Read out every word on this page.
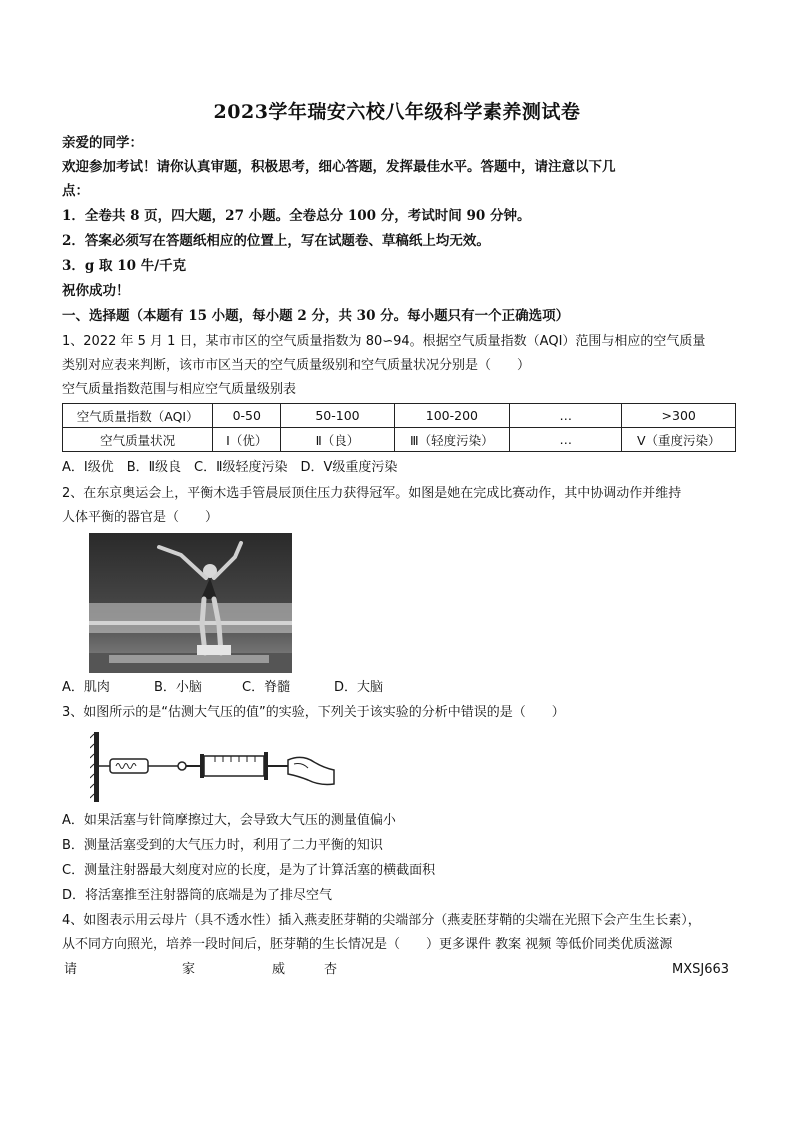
2023学年瑞安六校八年级科学素养测试卷
亲爱的同学：
欢迎参加考试！请你认真审题，积极思考，细心答题，发挥最佳水平。答题中，请注意以下几
点：
1．全卷共 8 页，四大题，27 小题。全卷总分 100 分，考试时间 90 分钟。
2．答案必须写在答题纸相应的位置上，写在试题卷、草稿纸上均无效。
3．g 取 10 牛/千克
祝你成功！
一、选择题（本题有 15 小题，每小题 2 分，共 30 分。每小题只有一个正确选项）
1、2022 年 5 月 1 日，某市市区的空气质量指数为 80∽94。根据空气质量指数（AQI）范围与相应的空气质量
类别对应表来判断，该市市区当天的空气质量级别和空气质量状况分别是（　　）
空气质量指数范围与相应空气质量级别表
空气质量指数（AQI）	0-50	50-100	100-200	…	>300
空气质量状况	Ⅰ（优）	Ⅱ（良）	Ⅲ（轻度污染）	…	Ⅴ（重度污染）
A．Ⅰ级优　B．Ⅱ级良　C．Ⅱ级轻度污染　D．Ⅴ级重度污染
2、在东京奥运会上，平衡木选手管晨辰顶住压力获得冠军。如图是她在完成比赛动作，其中协调动作并维持
人体平衡的器官是（　　）
A．肌肉	B．小脑	C．脊髓	D．大脑
3、如图所示的是“估测大气压的值”的实验，下列关于该实验的分析中错误的是（　　）
A．如果活塞与针筒摩擦过大，会导致大气压的测量值偏小
B．测量活塞受到的大气压力时，利用了二力平衡的知识
C．测量注射器最大刻度对应的长度，是为了计算活塞的横截面积
D．将活塞推至注射器筒的底端是为了排尽空气
4、如图表示用云母片（具不透水性）插入燕麦胚芽鞘的尖端部分（燕麦胚芽鞘的尖端在光照下会产生生长素），
从不同方向照光，培养一段时间后，胚芽鞘的生长情况是（　　）更多课件 教案 视频 等低价同类优质滋源
请	家	威	杏	MXSJ663
